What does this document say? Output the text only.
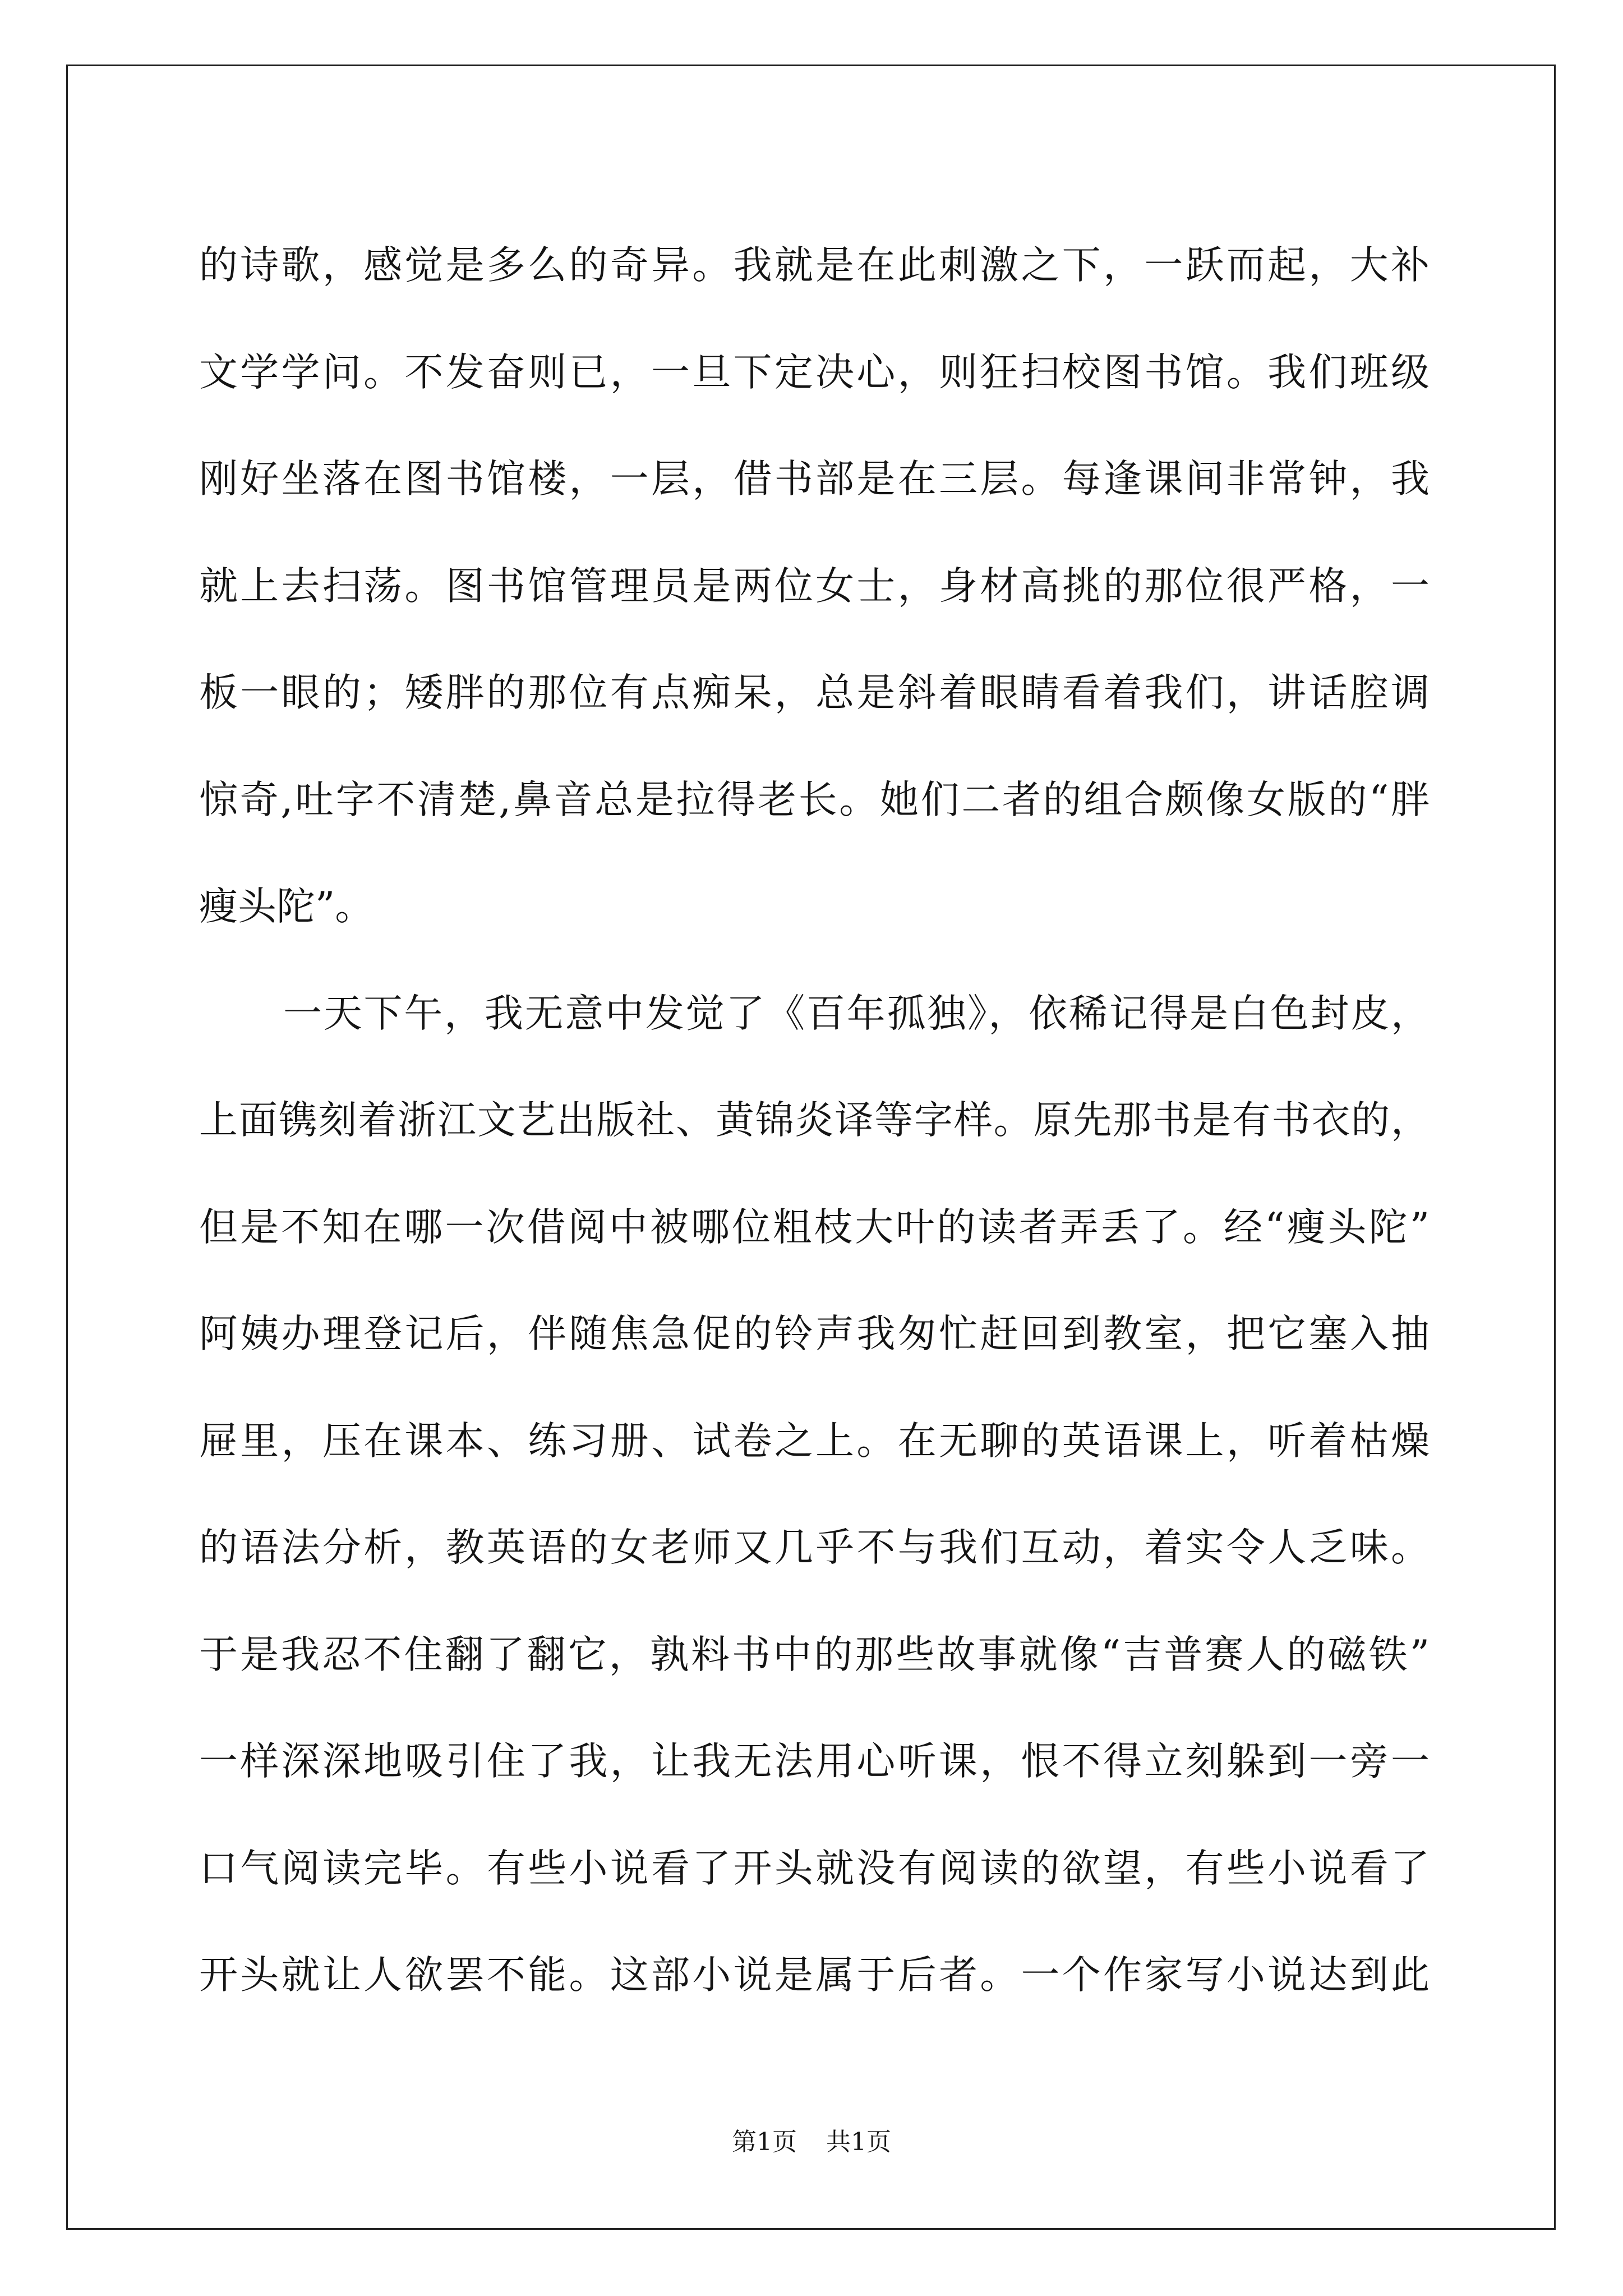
的诗歌，感觉是多么的奇异。我就是在此刺激之下，一跃而起，大补
文学学问。不发奋则已，一旦下定决心，则狂扫校图书馆。我们班级
刚好坐落在图书馆楼，一层，借书部是在三层。每逢课间非常钟，我
就上去扫荡。图书馆管理员是两位女士，身材高挑的那位很严格，一
板一眼的；矮胖的那位有点痴呆，总是斜着眼睛看着我们，讲话腔调
惊奇,吐字不清楚,鼻音总是拉得老长。她们二者的组合颇像女版的“胖
瘦头陀”。
一天下午，我无意中发觉了《百年孤独》，依稀记得是白色封皮，
上面镌刻着浙江文艺出版社、黄锦炎译等字样。原先那书是有书衣的，
但是不知在哪一次借阅中被哪位粗枝大叶的读者弄丢了。经“瘦头陀”
阿姨办理登记后，伴随焦急促的铃声我匆忙赶回到教室，把它塞入抽
屉里，压在课本、练习册、试卷之上。在无聊的英语课上，听着枯燥
的语法分析，教英语的女老师又几乎不与我们互动，着实令人乏味。
于是我忍不住翻了翻它，孰料书中的那些故事就像“吉普赛人的磁铁”
一样深深地吸引住了我，让我无法用心听课，恨不得立刻躲到一旁一
口气阅读完毕。有些小说看了开头就没有阅读的欲望，有些小说看了
开头就让人欲罢不能。这部小说是属于后者。一个作家写小说达到此
第1页 共1页
